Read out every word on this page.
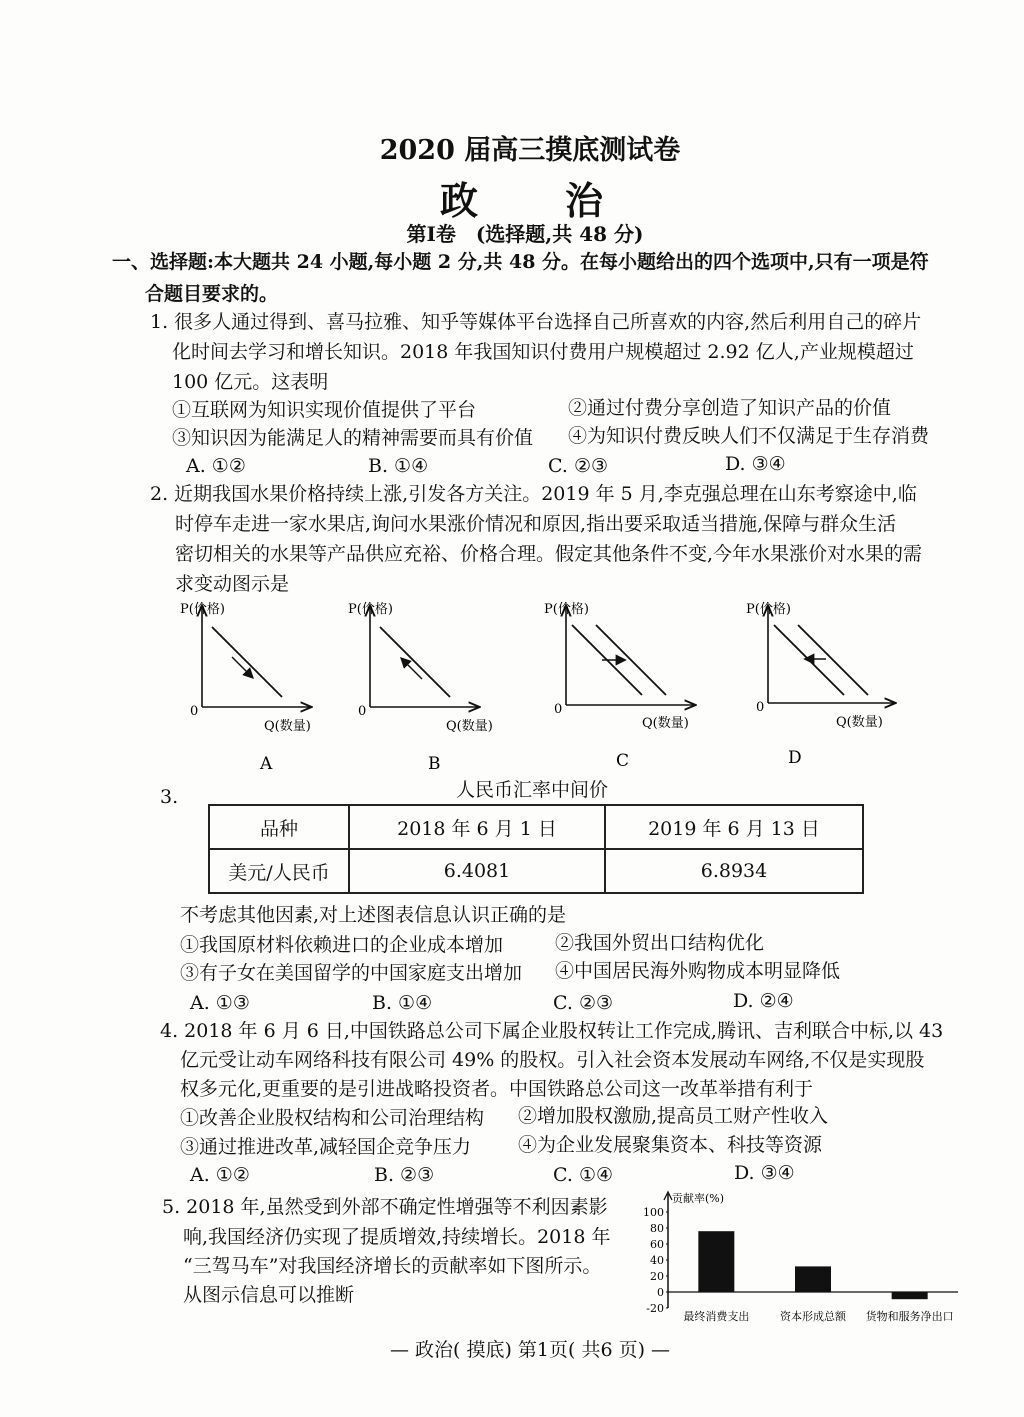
2020 届高三摸底测试卷
政 治
第Ⅰ卷　(选择题,共 48 分)
一、选择题:本大题共 24 小题,每小题 2 分,共 48 分。在每小题给出的四个选项中,只有一项是符
合题目要求的。
1. 很多人通过得到、喜马拉雅、知乎等媒体平台选择自己所喜欢的内容,然后利用自己的碎片
化时间去学习和增长知识。2018 年我国知识付费用户规模超过 2.92 亿人,产业规模超过
100 亿元。这表明
①互联网为知识实现价值提供了平台	②通过付费分享创造了知识产品的价值
③知识因为能满足人的精神需要而具有价值 ④为知识付费反映人们不仅满足于生存消费
A. ①②	B. ①④	C. ②③	D. ③④
2. 近期我国水果价格持续上涨,引发各方关注。2019 年 5 月,李克强总理在山东考察途中,临
时停车走进一家水果店,询问水果涨价情况和原因,指出要采取适当措施,保障与群众生活
密切相关的水果等产品供应充裕、价格合理。假定其他条件不变,今年水果涨价对水果的需
求变动图示是
P(价格)
0
Q(数量)
A
P(价格)
0
Q(数量)
B
P(价格)
0
Q(数量)
C
P(价格)
0
Q(数量)
D
3.	人民币汇率中间价
品种	2018 年 6 月 1 日	2019 年 6 月 13 日
美元/人民币	6.4081	6.8934
不考虑其他因素,对上述图表信息认识正确的是
①我国原材料依赖进口的企业成本增加	②我国外贸出口结构优化
③有子女在美国留学的中国家庭支出增加 ④中国居民海外购物成本明显降低
A. ①③	B. ①④	C. ②③	D. ②④
4. 2018 年 6 月 6 日,中国铁路总公司下属企业股权转让工作完成,腾讯、吉利联合中标,以 43
亿元受让动车网络科技有限公司 49% 的股权。引入社会资本发展动车网络,不仅是实现股
权多元化,更重要的是引进战略投资者。中国铁路总公司这一改革举措有利于
①改善企业股权结构和公司治理结构 ②增加股权激励,提高员工财产性收入
③通过推进改革,减轻国企竞争压力 ④为企业发展聚集资本、科技等资源
A. ①②	B. ②③	C. ①④	D. ③④
5. 2018 年,虽然受到外部不确定性增强等不利因素影
响,我国经济仍实现了提质增效,持续增长。2018 年
“三驾马车”对我国经济增长的贡献率如下图所示。
从图示信息可以推断
贡献率(%)
100
80
60
40
20
0
-20
最终消费支出	资本形成总额 货物和服务净出口
— 政治( 摸底) 第1页( 共6 页) —
